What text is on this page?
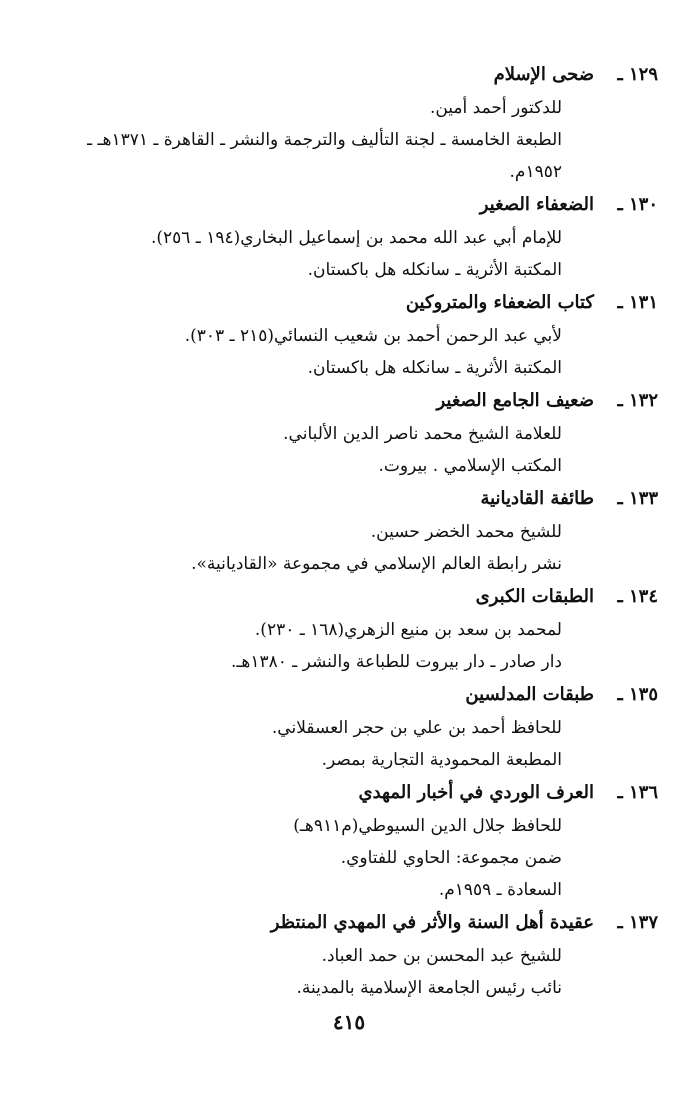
١٢٩ ـ
ضحى الإسلام
للدكتور أحمد أمين.
الطبعة الخامسة ـ لجنة التأليف والترجمة والنشر ـ القاهرة ـ ١٣٧١هـ ـ
١٩٥٢م.
١٣٠ ـ
الضعفاء الصغير
للإمام أبي عبد الله محمد بن إسماعيل البخاري(١٩٤ ـ ٢٥٦).
المكتبة الأثرية ـ سانكله هل باكستان.
١٣١ ـ
كتاب الضعفاء والمتروكين
لأبي عبد الرحمن أحمد بن شعيب النسائي(٢١٥ ـ ٣٠٣).
المكتبة الأثرية ـ سانكله هل باكستان.
١٣٢ ـ
ضعيف الجامع الصغير
للعلامة الشيخ محمد ناصر الدين الألباني.
المكتب الإسلامي . بيروت.
١٣٣ ـ
طائفة القاديانية
للشيخ محمد الخضر حسين.
نشر رابطة العالم الإسلامي في مجموعة «القاديانية».
١٣٤ ـ
الطبقات الكبرى
لمحمد بن سعد بن منيع الزهري(١٦٨ ـ ٢٣٠).
دار صادر ـ دار بيروت للطباعة والنشر ـ ١٣٨٠هـ.
١٣٥ ـ
طبقات المدلسين
للحافظ أحمد بن علي بن حجر العسقلاني.
المطبعة المحمودية التجارية بمصر.
١٣٦ ـ
العرف الوردي في أخبار المهدي
للحافظ جلال الدين السيوطي(م٩١١هـ)
ضمن مجموعة: الحاوي للفتاوي.
السعادة ـ ١٩٥٩م.
١٣٧ ـ
عقيدة أهل السنة والأثر في المهدي المنتظر
للشيخ عبد المحسن بن حمد العباد.
نائب رئيس الجامعة الإسلامية بالمدينة.
٤١٥
